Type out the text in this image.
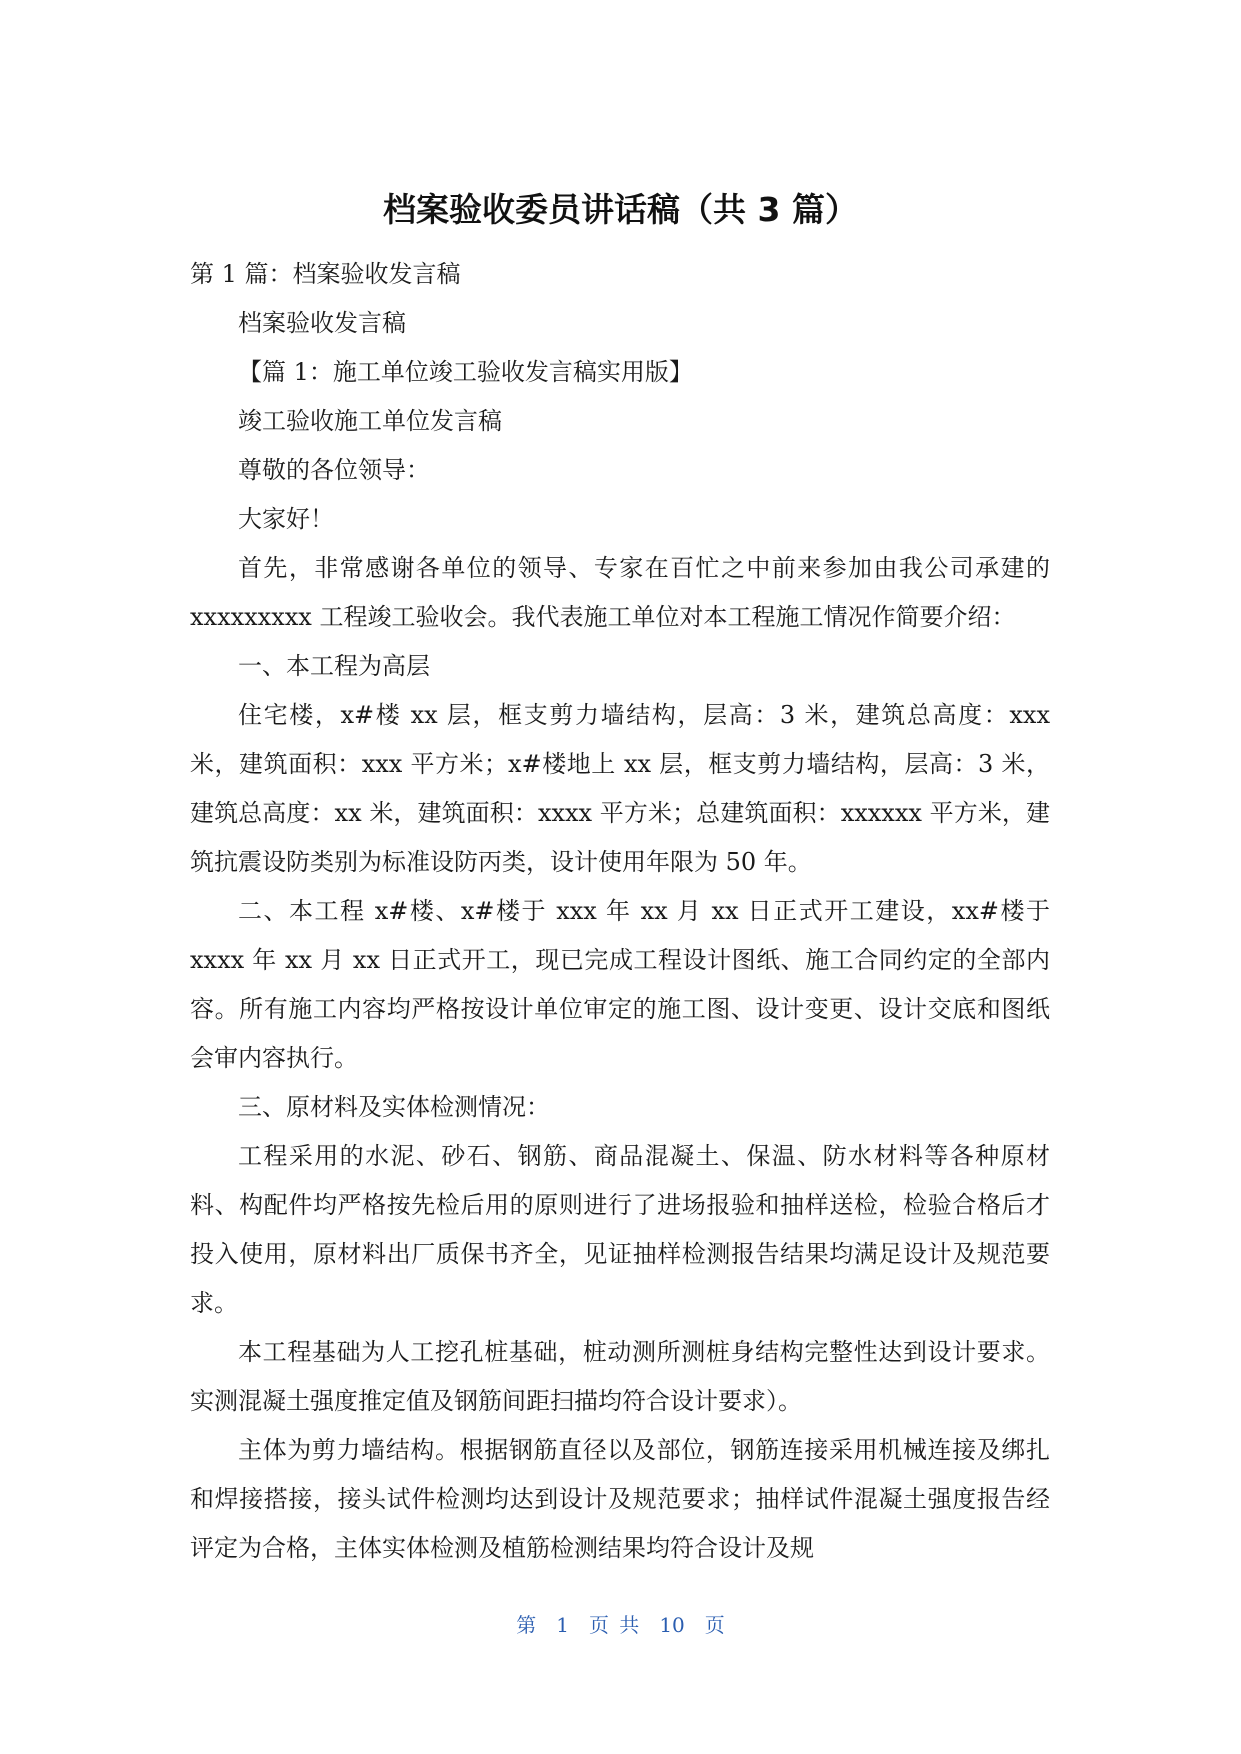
档案验收委员讲话稿（共 3 篇）

第 1 篇：档案验收发言稿

档案验收发言稿

【篇 1：施工单位竣工验收发言稿实用版】

竣工验收施工单位发言稿

尊敬的各位领导：

大家好！

首先，非常感谢各单位的领导、专家在百忙之中前来参加由我公司承建的 xxxxxxxxx 工程竣工验收会。我代表施工单位对本工程施工情况作简要介绍：

一、本工程为高层

住宅楼，x#楼 xx 层，框支剪力墙结构，层高：3 米，建筑总高度：xxx 米，建筑面积：xxx 平方米；x#楼地上 xx 层，框支剪力墙结构，层高：3 米，建筑总高度：xx 米，建筑面积：xxxx 平方米；总建筑面积：xxxxxx 平方米，建筑抗震设防类别为标准设防丙类，设计使用年限为 50 年。

二、本工程 x#楼、x#楼于 xxx 年 xx 月 xx 日正式开工建设，xx#楼于 xxxx 年 xx 月 xx 日正式开工，现已完成工程设计图纸、施工合同约定的全部内容。所有施工内容均严格按设计单位审定的施工图、设计变更、设计交底和图纸会审内容执行。

三、原材料及实体检测情况：

工程采用的水泥、砂石、钢筋、商品混凝土、保温、防水材料等各种原材料、构配件均严格按先检后用的原则进行了进场报验和抽样送检，检验合格后才投入使用，原材料出厂质保书齐全，见证抽样检测报告结果均满足设计及规范要求。

本工程基础为人工挖孔桩基础，桩动测所测桩身结构完整性达到设计要求。实测混凝土强度推定值及钢筋间距扫描均符合设计要求）。

主体为剪力墙结构。根据钢筋直径以及部位，钢筋连接采用机械连接及绑扎和焊接搭接，接头试件检测均达到设计及规范要求；抽样试件混凝土强度报告经评定为合格，主体实体检测及植筋检测结果均符合设计及规

第 1 页 共 10 页
